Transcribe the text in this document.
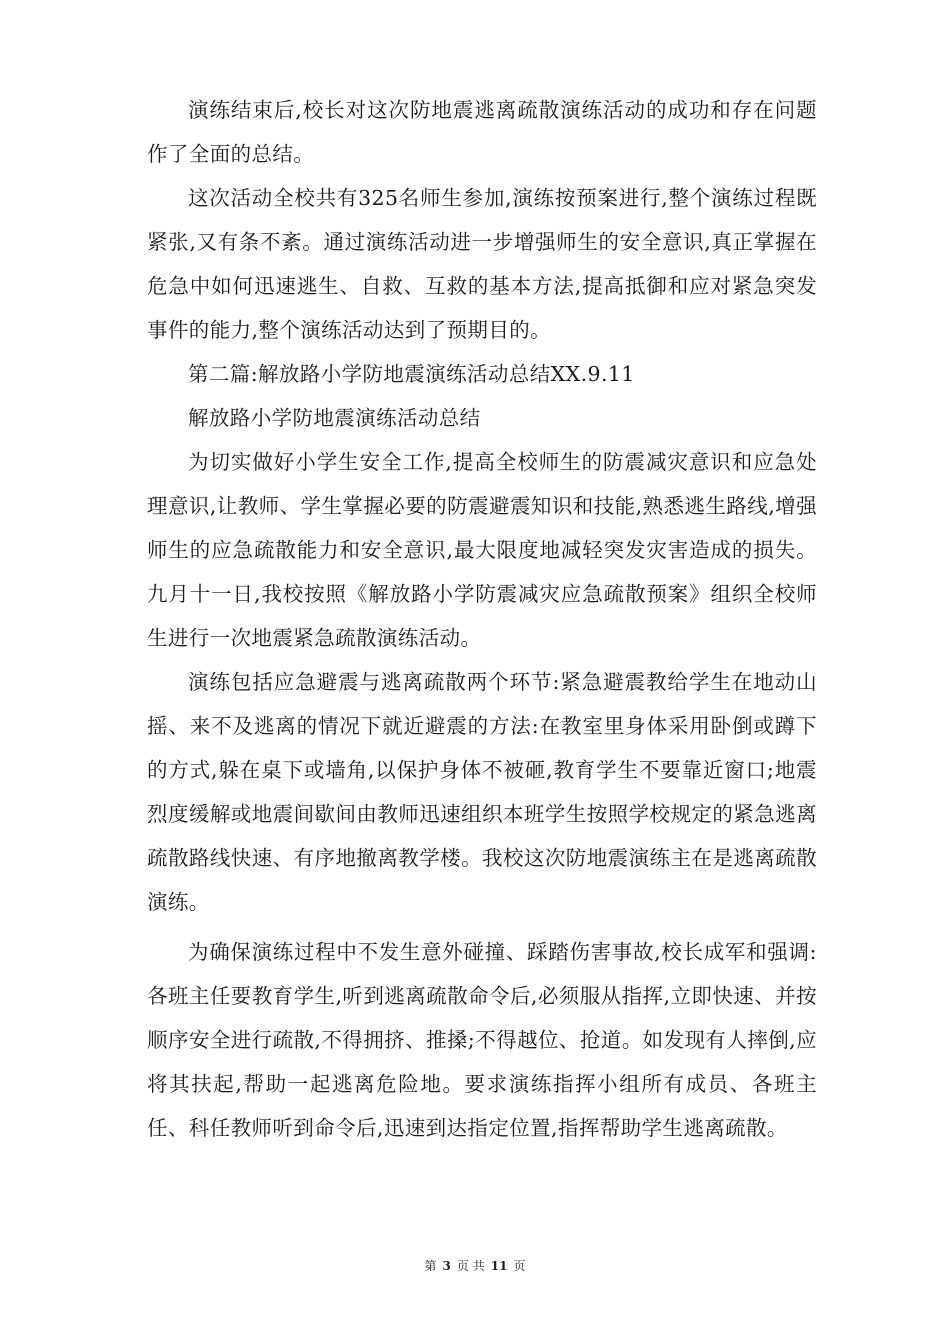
演练结束后,校长对这次防地震逃离疏散演练活动的成功和存在问题作了全面的总结。

这次活动全校共有325名师生参加,演练按预案进行,整个演练过程既紧张,又有条不紊。通过演练活动进一步增强师生的安全意识,真正掌握在危急中如何迅速逃生、自救、互救的基本方法,提高抵御和应对紧急突发事件的能力,整个演练活动达到了预期目的。

第二篇:解放路小学防地震演练活动总结XX.9.11

解放路小学防地震演练活动总结

为切实做好小学生安全工作,提高全校师生的防震减灾意识和应急处理意识,让教师、学生掌握必要的防震避震知识和技能,熟悉逃生路线,增强师生的应急疏散能力和安全意识,最大限度地减轻突发灾害造成的损失。九月十一日,我校按照《解放路小学防震减灾应急疏散预案》组织全校师生进行一次地震紧急疏散演练活动。

演练包括应急避震与逃离疏散两个环节:紧急避震教给学生在地动山摇、来不及逃离的情况下就近避震的方法:在教室里身体采用卧倒或蹲下的方式,躲在桌下或墙角,以保护身体不被砸,教育学生不要靠近窗口;地震烈度缓解或地震间歇间由教师迅速组织本班学生按照学校规定的紧急逃离疏散路线快速、有序地撤离教学楼。我校这次防地震演练主在是逃离疏散演练。

为确保演练过程中不发生意外碰撞、踩踏伤害事故,校长成军和强调:各班主任要教育学生,听到逃离疏散命令后,必须服从指挥,立即快速、并按顺序安全进行疏散,不得拥挤、推搡;不得越位、抢道。如发现有人摔倒,应将其扶起,帮助一起逃离危险地。要求演练指挥小组所有成员、各班主任、科任教师听到命令后,迅速到达指定位置,指挥帮助学生逃离疏散。

第 3 页 共 11 页
